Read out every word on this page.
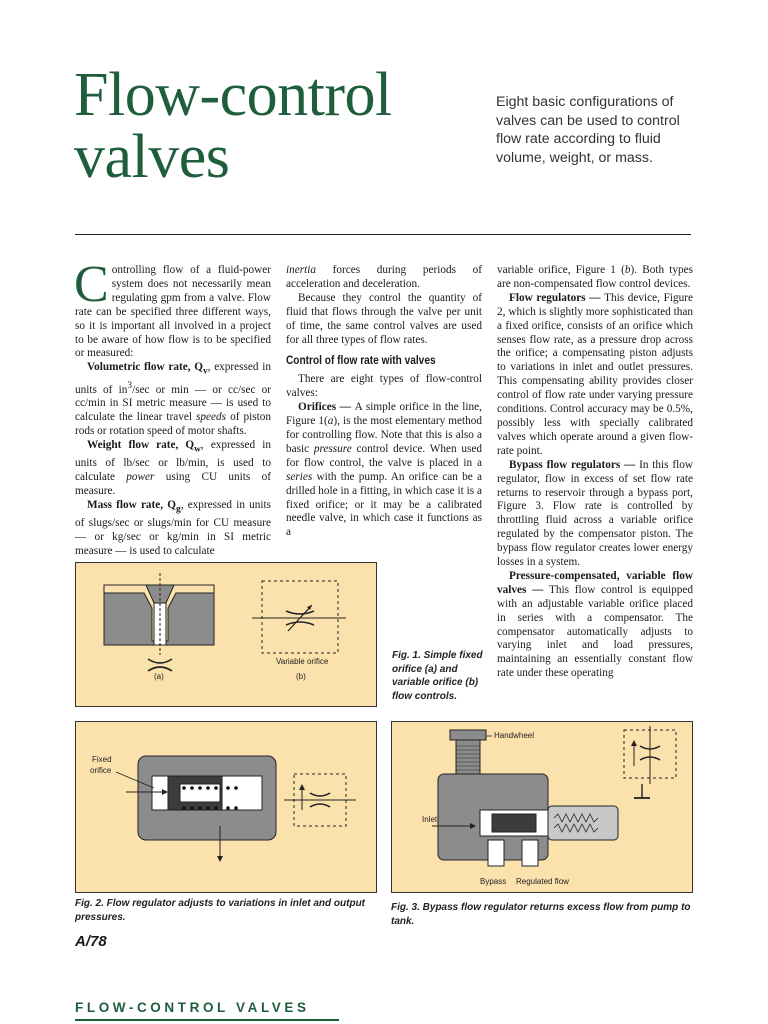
Flow-control
valves
Eight basic configurations of valves can be used to control flow rate according to fluid volume, weight, or mass.

Controlling flow of a fluid-power system does not necessarily mean regulating gpm from a valve. Flow rate can be specified three different ways, so it is important all involved in a project to be aware of how flow is to be specified or measured:

Volumetric flow rate, $Q_v$, expressed in units of $in^3/\sec$ or min — or cc/sec or cc/min in SI metric measure — is used to calculate the linear travel speeds of piston rods or rotation speed of motor shafts.

Weight flow rate, $Q_w$, expressed in units of lb/sec or lb/min, is used to calculate power using CU units of measure.

Mass flow rate, $Q_g$, expressed in units of slugs/sec or slugs/min for CU measure — or kg/sec or kg/min in SI metric measure — is used to calculate

inertia forces during periods of acceleration and deceleration.

Because they control the quantity of fluid that flows through the valve per unit of time, the same control valves are used for all three types of flow rates.

Control of flow rate with valves

There are eight types of flow-control valves:

Orifices — A simple orifice in the line, Figure 1(a), is the most elementary method for controlling flow. Note that this is also a basic pressure control device. When used for flow control, the valve is placed in a series with the pump. An orifice can be a drilled hole in a fitting, in which case it is a fixed orifice; or it may be a calibrated needle valve, in which case it functions as a

variable orifice, Figure 1 (b). Both types are non-compensated flow control devices.

Flow regulators — This device, Figure 2, which is slightly more sophisticated than a fixed orifice, consists of an orifice which senses flow rate, as a pressure drop across the orifice; a compensating piston adjusts to variations in inlet and outlet pressures. This compensating ability provides closer control of flow rate under varying pressure conditions. Control accuracy may be 0.5%, possibly less with specially calibrated valves which operate around a given flow-rate point.

Bypass flow regulators — In this flow regulator, flow in excess of set flow rate returns to reservoir through a bypass port, Figure 3. Flow rate is controlled by throttling fluid across a variable orifice regulated by the compensator piston. The bypass flow regulator creates lower energy losses in a system.

Pressure-compensated, variable flow valves — This flow control is equipped with an adjustable variable orifice placed in series with a compensator. The compensator automatically adjusts to varying inlet and load pressures, maintaining an essentially constant flow rate under these operating

(a)
Variable orifice
(b)
Fig. 1. Simple fixed orifice (a) and variable orifice (b) flow controls.
Fixed
orifice
Fig. 2. Flow regulator adjusts to variations in inlet and output pressures.
Handwheel
Inlet
Bypass Regulated flow
Fig. 3. Bypass flow regulator returns excess flow from pump to tank.
A/78
FLOW-CONTROL VALVES
